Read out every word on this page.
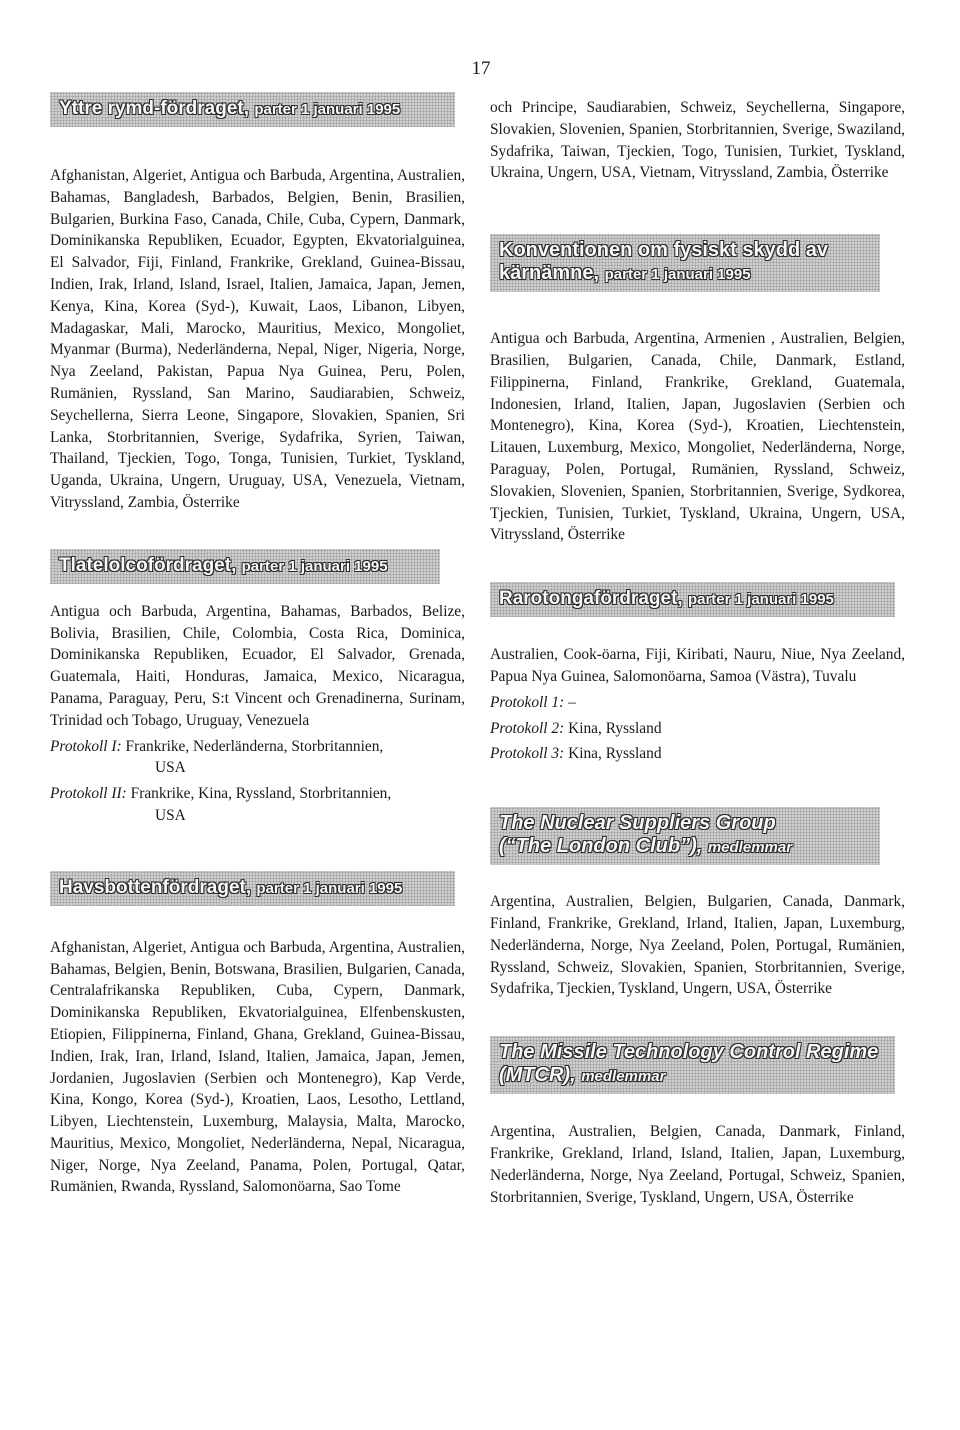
17
Yttre rymd-fördraget, parter 1 januari 1995

Afghanistan, Algeriet, Antigua och Barbuda, Argentina, Australien, Bahamas, Bangladesh, Barbados, Belgien, Benin, Brasilien, Bulgarien, Burkina Faso, Canada, Chile, Cuba, Cypern, Danmark, Dominikanska Republiken, Ecuador, Egypten, Ekvatorialguinea, El Salvador, Fiji, Finland, Frankrike, Grekland, Guinea-Bissau, Indien, Irak, Irland, Island, Israel, Italien, Jamaica, Japan, Jemen, Kenya, Kina, Korea (Syd-), Kuwait, Laos, Libanon, Libyen, Madagaskar, Mali, Marocko, Mauritius, Mexico, Mongoliet, Myanmar (Burma), Nederländerna, Nepal, Niger, Nigeria, Norge, Nya Zeeland, Pakistan, Papua Nya Guinea, Peru, Polen, Rumänien, Ryssland, San Marino, Saudiarabien, Schweiz, Seychellerna, Sierra Leone, Singapore, Slovakien, Spanien, Sri Lanka, Storbritannien, Sverige, Sydafrika, Syrien, Taiwan, Thailand, Tjeckien, Togo, Tonga, Tunisien, Turkiet, Tyskland, Uganda, Ukraina, Ungern, Uruguay, USA, Venezuela, Vietnam, Vitryssland, Zambia, Österrike

Tlatelolcofördraget, parter 1 januari 1995

Antigua och Barbuda, Argentina, Bahamas, Barbados, Belize, Bolivia, Brasilien, Chile, Colombia, Costa Rica, Dominica, Dominikanska Republiken, Ecuador, El Salvador, Grenada, Guatemala, Haiti, Honduras, Jamaica, Mexico, Nicaragua, Panama, Paraguay, Peru, S:t Vincent och Grenadinerna, Surinam, Trinidad och Tobago, Uruguay, Venezuela

Protokoll I: Frankrike, Nederländerna, Storbritannien,
USA
Protokoll II: Frankrike, Kina, Ryssland, Storbritannien,
USA
Havsbottenfördraget, parter 1 januari 1995

Afghanistan, Algeriet, Antigua och Barbuda, Argentina, Australien, Bahamas, Belgien, Benin, Botswana, Brasilien, Bulgarien, Canada, Centralafrikanska Republiken, Cuba, Cypern, Danmark, Dominikanska Republiken, Ekvatorialguinea, Elfenbenskusten, Etiopien, Filippinerna, Finland, Ghana, Grekland, Guinea-Bissau, Indien, Irak, Iran, Irland, Island, Italien, Jamaica, Japan, Jemen, Jordanien, Jugoslavien (Serbien och Montenegro), Kap Verde, Kina, Kongo, Korea (Syd-), Kroatien, Laos, Lesotho, Lettland, Libyen, Liechtenstein, Luxemburg, Malaysia, Malta, Marocko, Mauritius, Mexico, Mongoliet, Nederländerna, Nepal, Nicaragua, Niger, Norge, Nya Zeeland, Panama, Polen, Portugal, Qatar, Rumänien, Rwanda, Ryssland, Salomonöarna, Sao Tome

och Principe, Saudiarabien, Schweiz, Seychellerna, Singapore, Slovakien, Slovenien, Spanien, Storbritannien, Sverige, Swaziland, Sydafrika, Taiwan, Tjeckien, Togo, Tunisien, Turkiet, Tyskland, Ukraina, Ungern, USA, Vietnam, Vitryssland, Zambia, Österrike

Konventionen om fysiskt skydd av
kärnämne, parter 1 januari 1995

Antigua och Barbuda, Argentina, Armenien , Australien, Belgien, Brasilien, Bulgarien, Canada, Chile, Danmark, Estland, Filippinerna, Finland, Frankrike, Grekland, Guatemala, Indonesien, Irland, Italien, Japan, Jugoslavien (Serbien och Montenegro), Kina, Korea (Syd-), Kroatien, Liechtenstein, Litauen, Luxemburg, Mexico, Mongoliet, Nederländerna, Norge, Paraguay, Polen, Portugal, Rumänien, Ryssland, Schweiz, Slovakien, Slovenien, Spanien, Storbritannien, Sverige, Sydkorea, Tjeckien, Tunisien, Turkiet, Tyskland, Ukraina, Ungern, USA, Vitryssland, Österrike

Rarotongafördraget, parter 1 januari 1995

Australien, Cook-öarna, Fiji, Kiribati, Nauru, Niue, Nya Zeeland, Papua Nya Guinea, Salomonöarna, Samoa (Västra), Tuvalu

Protokoll 1: –
Protokoll 2: Kina, Ryssland
Protokoll 3: Kina, Ryssland
The Nuclear Suppliers Group
(“The London Club”), medlemmar

Argentina, Australien, Belgien, Bulgarien, Canada, Danmark, Finland, Frankrike, Grekland, Irland, Italien, Japan, Luxemburg, Nederländerna, Norge, Nya Zeeland, Polen, Portugal, Rumänien, Ryssland, Schweiz, Slovakien, Spanien, Storbritannien, Sverige, Sydafrika, Tjeckien, Tyskland, Ungern, USA, Österrike

The Missile Technology Control Regime
(MTCR), medlemmar

Argentina, Australien, Belgien, Canada, Danmark, Finland, Frankrike, Grekland, Irland, Island, Italien, Japan, Luxemburg, Nederländerna, Norge, Nya Zeeland, Portugal, Schweiz, Spanien, Storbritannien, Sverige, Tyskland, Ungern, USA, Österrike
